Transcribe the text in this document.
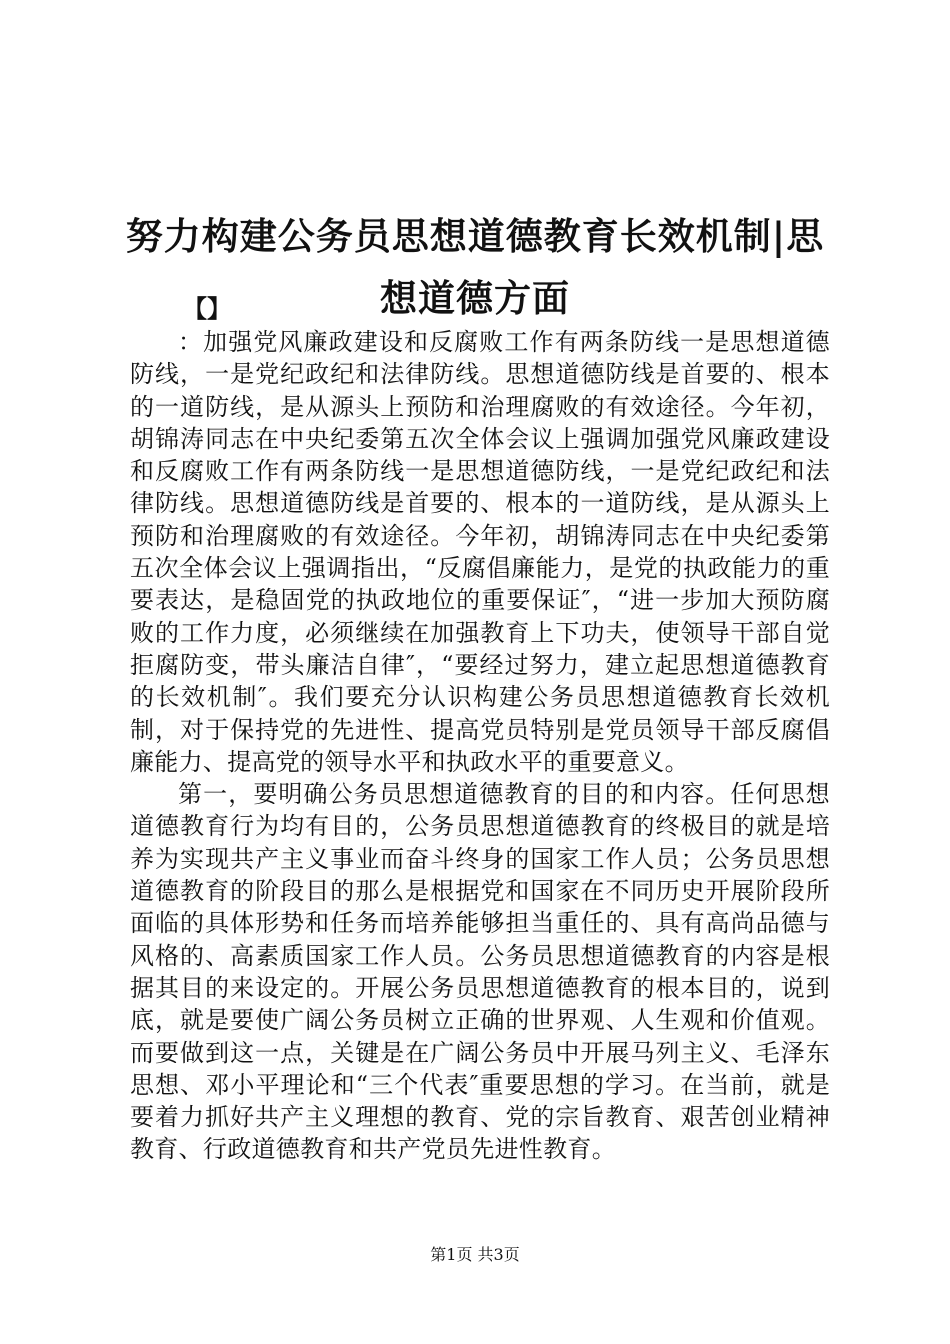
努力构建公务员思想道德教育长效机制|思想道德方面
【】

：加强党风廉政建设和反腐败工作有两条防线一是思想道德防线，一是党纪政纪和法律防线。思想道德防线是首要的、根本的一道防线，是从源头上预防和治理腐败的有效途径。今年初，胡锦涛同志在中央纪委第五次全体会议上强调加强党风廉政建设和反腐败工作有两条防线一是思想道德防线，一是党纪政纪和法律防线。思想道德防线是首要的、根本的一道防线，是从源头上预防和治理腐败的有效途径。今年初，胡锦涛同志在中央纪委第五次全体会议上强调指出，“反腐倡廉能力，是党的执政能力的重要表达，是稳固党的执政地位的重要保证″，“进一步加大预防腐败的工作力度，必须继续在加强教育上下功夫，使领导干部自觉拒腐防变，带头廉洁自律″，“要经过努力，建立起思想道德教育的长效机制″。我们要充分认识构建公务员思想道德教育长效机制，对于保持党的先进性、提高党员特别是党员领导干部反腐倡廉能力、提高党的领导水平和执政水平的重要意义。

第一，要明确公务员思想道德教育的目的和内容。任何思想道德教育行为均有目的，公务员思想道德教育的终极目的就是培养为实现共产主义事业而奋斗终身的国家工作人员；公务员思想道德教育的阶段目的那么是根据党和国家在不同历史开展阶段所面临的具体形势和任务而培养能够担当重任的、具有高尚品德与风格的、高素质国家工作人员。公务员思想道德教育的内容是根据其目的来设定的。开展公务员思想道德教育的根本目的，说到底，就是要使广阔公务员树立正确的世界观、人生观和价值观。而要做到这一点，关键是在广阔公务员中开展马列主义、毛泽东思想、邓小平理论和“三个代表″重要思想的学习。在当前，就是要着力抓好共产主义理想的教育、党的宗旨教育、艰苦创业精神教育、行政道德教育和共产党员先进性教育。

第1页 共3页
